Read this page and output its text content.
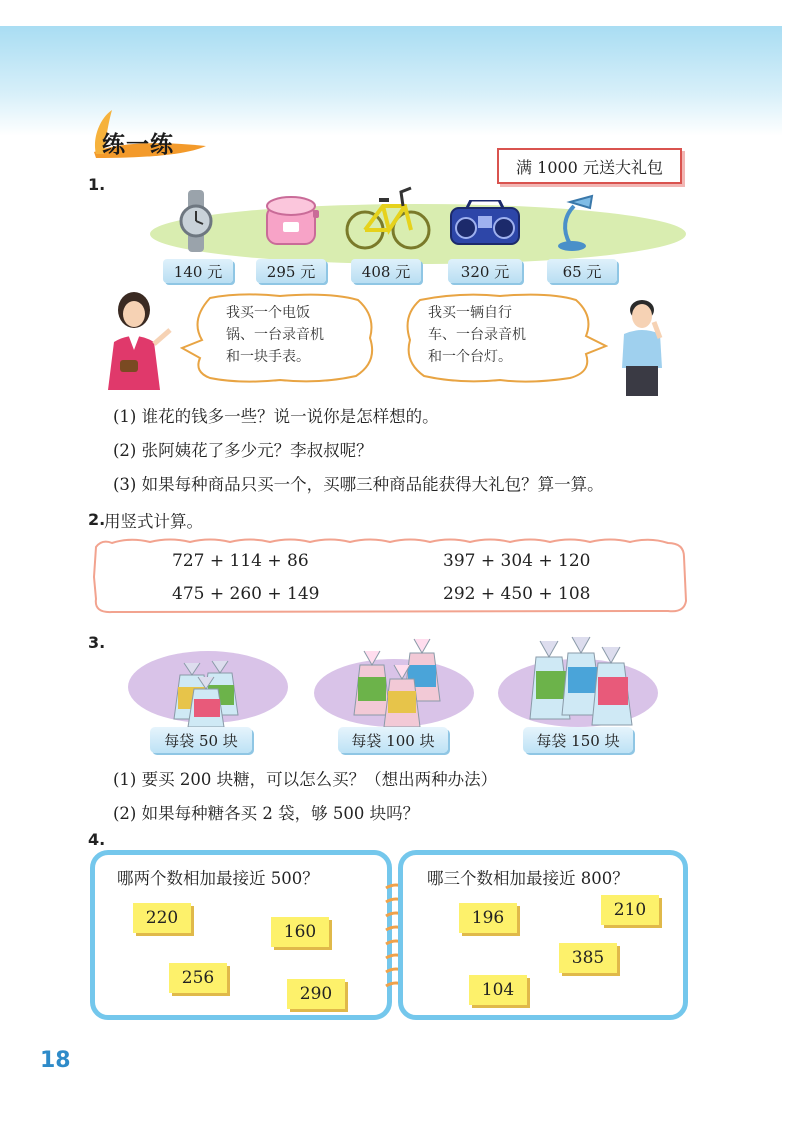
练一练
1.
满 1000 元送大礼包
140 元	295 元	408 元	320 元	65 元
我买一个电饭
锅、一台录音机
和一块手表。
我买一辆自行
车、一台录音机
和一个台灯。
(1) 谁花的钱多一些？说一说你是怎样想的。
(2) 张阿姨花了多少元？李叔叔呢？
(3) 如果每种商品只买一个，买哪三种商品能获得大礼包？算一算。
2.
用竖式计算。
727 + 114 + 86	397 + 304 + 120
475 + 260 + 149	292 + 450 + 108
3.
每袋 50 块	每袋 100 块	每袋 150 块
(1) 要买 200 块糖，可以怎么买？（想出两种办法）
(2) 如果每种糖各买 2 袋，够 500 块吗？
4.
哪两个数相加最接近 500？
220
160
256
290
哪三个数相加最接近 800？
196	210
385
104
18
